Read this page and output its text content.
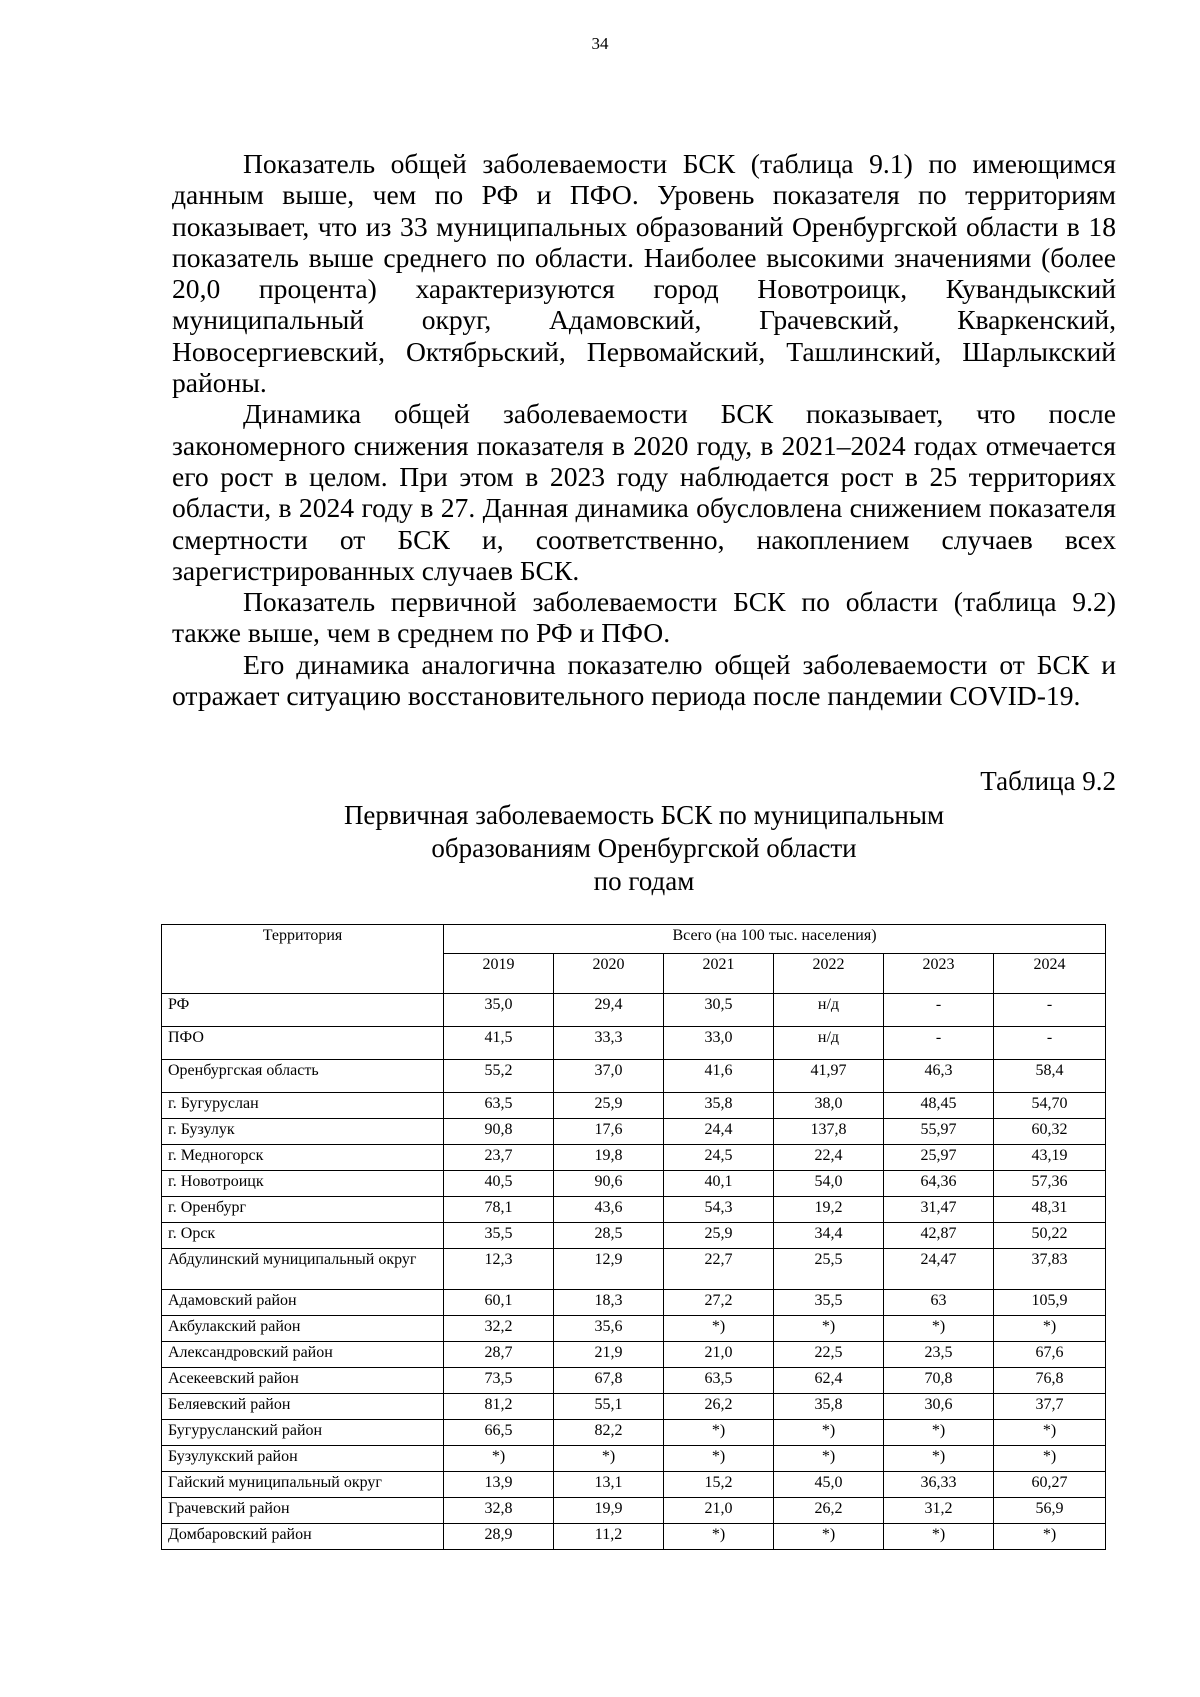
34

Показатель общей заболеваемости БСК (таблица 9.1) по имеющимся данным выше, чем по РФ и ПФО. Уровень показателя по территориям показывает, что из 33 муниципальных образований Оренбургской области в 18 показатель выше среднего по области. Наиболее высокими значениями (более 20,0 процента) характеризуются город Новотроицк, Кувандыкский муниципальный округ, Адамовский, Грачевский, Кваркенский, Новосергиевский, Октябрьский, Первомайский, Ташлинский, Шарлыкский районы.

Динамика общей заболеваемости БСК показывает, что после закономерного снижения показателя в 2020 году, в 2021–2024 годах отмечается его рост в целом. При этом в 2023 году наблюдается рост в 25 территориях области, в 2024 году в 27. Данная динамика обусловлена снижением показателя смертности от БСК и, соответственно, накоплением случаев всех зарегистрированных случаев БСК.

Показатель первичной заболеваемости БСК по области (таблица 9.2) также выше, чем в среднем по РФ и ПФО.

Его динамика аналогична показателю общей заболеваемости от БСК и отражает ситуацию восстановительного периода после пандемии COVID-19.

Таблица 9.2
Первичная заболеваемость БСК по муниципальным
образованиям Оренбургской области
по годам
Территория	Всего (на 100 тыс. населения)					
	2019	2020	2021	2022	2023	2024
РФ	35,0	29,4	30,5	н/д	-	-
ПФО	41,5	33,3	33,0	н/д	-	-
Оренбургская область	55,2	37,0	41,6	41,97	46,3	58,4
г. Бугуруслан	63,5	25,9	35,8	38,0	48,45	54,70
г. Бузулук	90,8	17,6	24,4	137,8	55,97	60,32
г. Медногорск	23,7	19,8	24,5	22,4	25,97	43,19
г. Новотроицк	40,5	90,6	40,1	54,0	64,36	57,36
г. Оренбург	78,1	43,6	54,3	19,2	31,47	48,31
г. Орск	35,5	28,5	25,9	34,4	42,87	50,22
Абдулинский муниципальный округ	12,3	12,9	22,7	25,5	24,47	37,83
Адамовский район	60,1	18,3	27,2	35,5	63	105,9
Акбулакский район	32,2	35,6	*)	*)	*)	*)
Александровский район	28,7	21,9	21,0	22,5	23,5	67,6
Асекеевский район	73,5	67,8	63,5	62,4	70,8	76,8
Беляевский район	81,2	55,1	26,2	35,8	30,6	37,7
Бугурусланский район	66,5	82,2	*)	*)	*)	*)
Бузулукский район	*)	*)	*)	*)	*)	*)
Гайский муниципальный округ	13,9	13,1	15,2	45,0	36,33	60,27
Грачевский район	32,8	19,9	21,0	26,2	31,2	56,9
Домбаровский район	28,9	11,2	*)	*)	*)	*)
